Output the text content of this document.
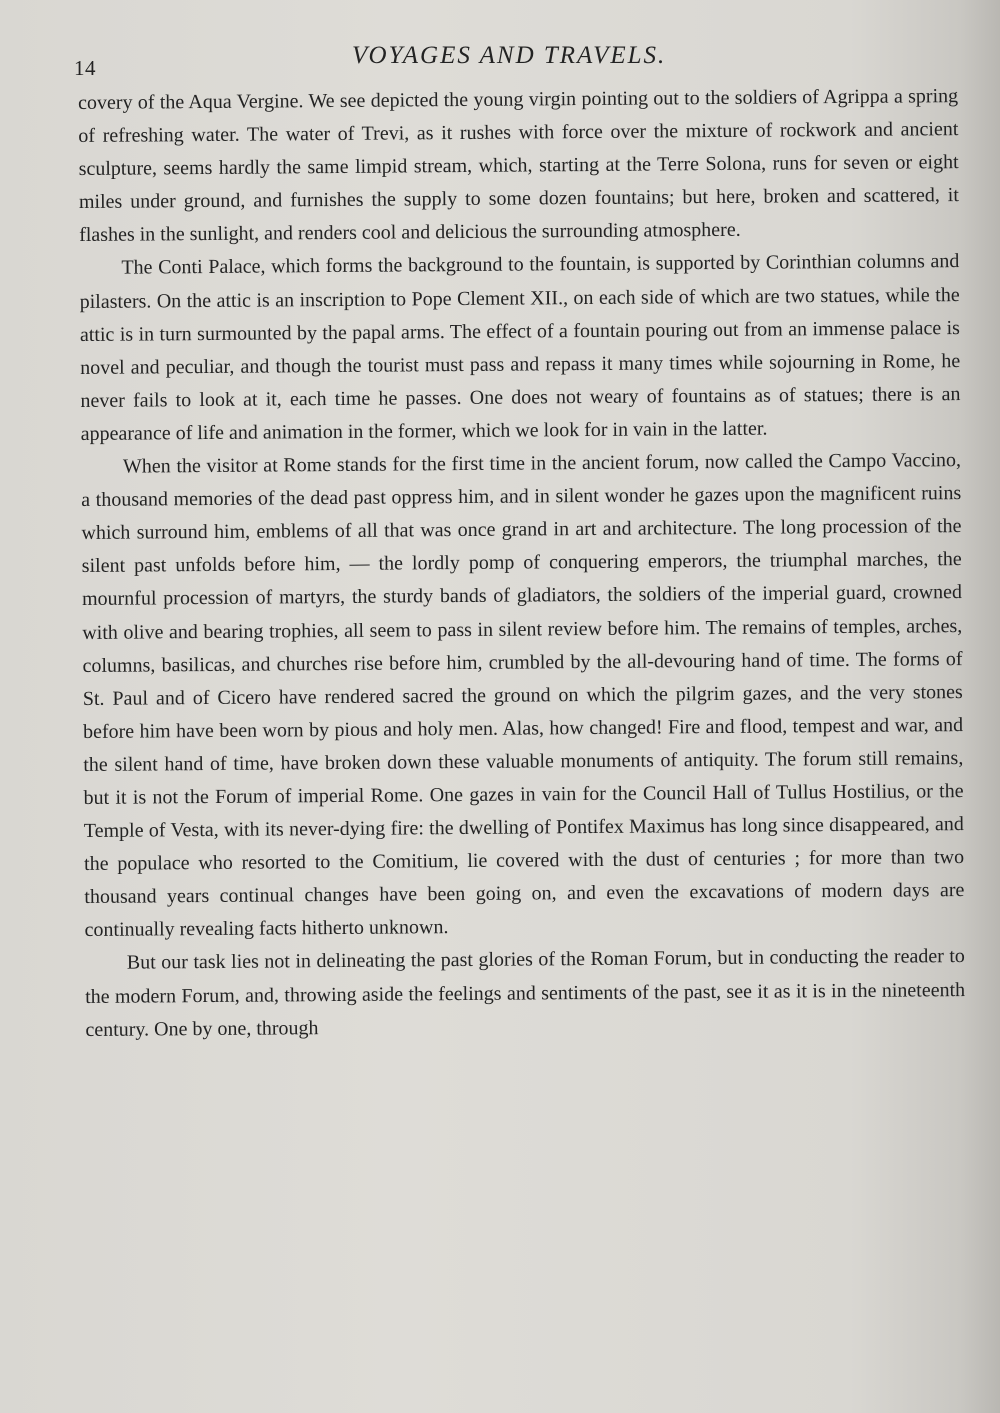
14	VOYAGES AND TRAVELS.

covery of the Aqua Vergine. We see depicted the young virgin pointing out to the soldiers of Agrippa a spring of refreshing water. The water of Trevi, as it rushes with force over the mixture of rockwork and ancient sculpture, seems hardly the same limpid stream, which, starting at the Terre Solona, runs for seven or eight miles under ground, and furnishes the supply to some dozen fountains; but here, broken and scattered, it flashes in the sunlight, and renders cool and delicious the surrounding atmosphere.

The Conti Palace, which forms the background to the fountain, is supported by Corinthian columns and pilasters. On the attic is an inscription to Pope Clement XII., on each side of which are two statues, while the attic is in turn surmounted by the papal arms. The effect of a fountain pouring out from an immense palace is novel and peculiar, and though the tourist must pass and repass it many times while sojourning in Rome, he never fails to look at it, each time he passes. One does not weary of fountains as of statues; there is an appearance of life and animation in the former, which we look for in vain in the latter.

When the visitor at Rome stands for the first time in the ancient forum, now called the Campo Vaccino, a thousand memories of the dead past oppress him, and in silent wonder he gazes upon the magnificent ruins which surround him, emblems of all that was once grand in art and architecture. The long procession of the silent past unfolds before him, — the lordly pomp of conquering emperors, the triumphal marches, the mournful procession of martyrs, the sturdy bands of gladiators, the soldiers of the imperial guard, crowned with olive and bearing trophies, all seem to pass in silent review before him. The remains of temples, arches, columns, basilicas, and churches rise before him, crumbled by the all-devouring hand of time. The forms of St. Paul and of Cicero have rendered sacred the ground on which the pilgrim gazes, and the very stones before him have been worn by pious and holy men. Alas, how changed! Fire and flood, tempest and war, and the silent hand of time, have broken down these valuable monuments of antiquity. The forum still remains, but it is not the Forum of imperial Rome. One gazes in vain for the Council Hall of Tullus Hostilius, or the Temple of Vesta, with its never-dying fire: the dwelling of Pontifex Maximus has long since disappeared, and the populace who resorted to the Comitium, lie covered with the dust of centuries ; for more than two thousand years continual changes have been going on, and even the excavations of modern days are continually revealing facts hitherto unknown.

But our task lies not in delineating the past glories of the Roman Forum, but in conducting the reader to the modern Forum, and, throwing aside the feelings and sentiments of the past, see it as it is in the nineteenth century. One by one, through
